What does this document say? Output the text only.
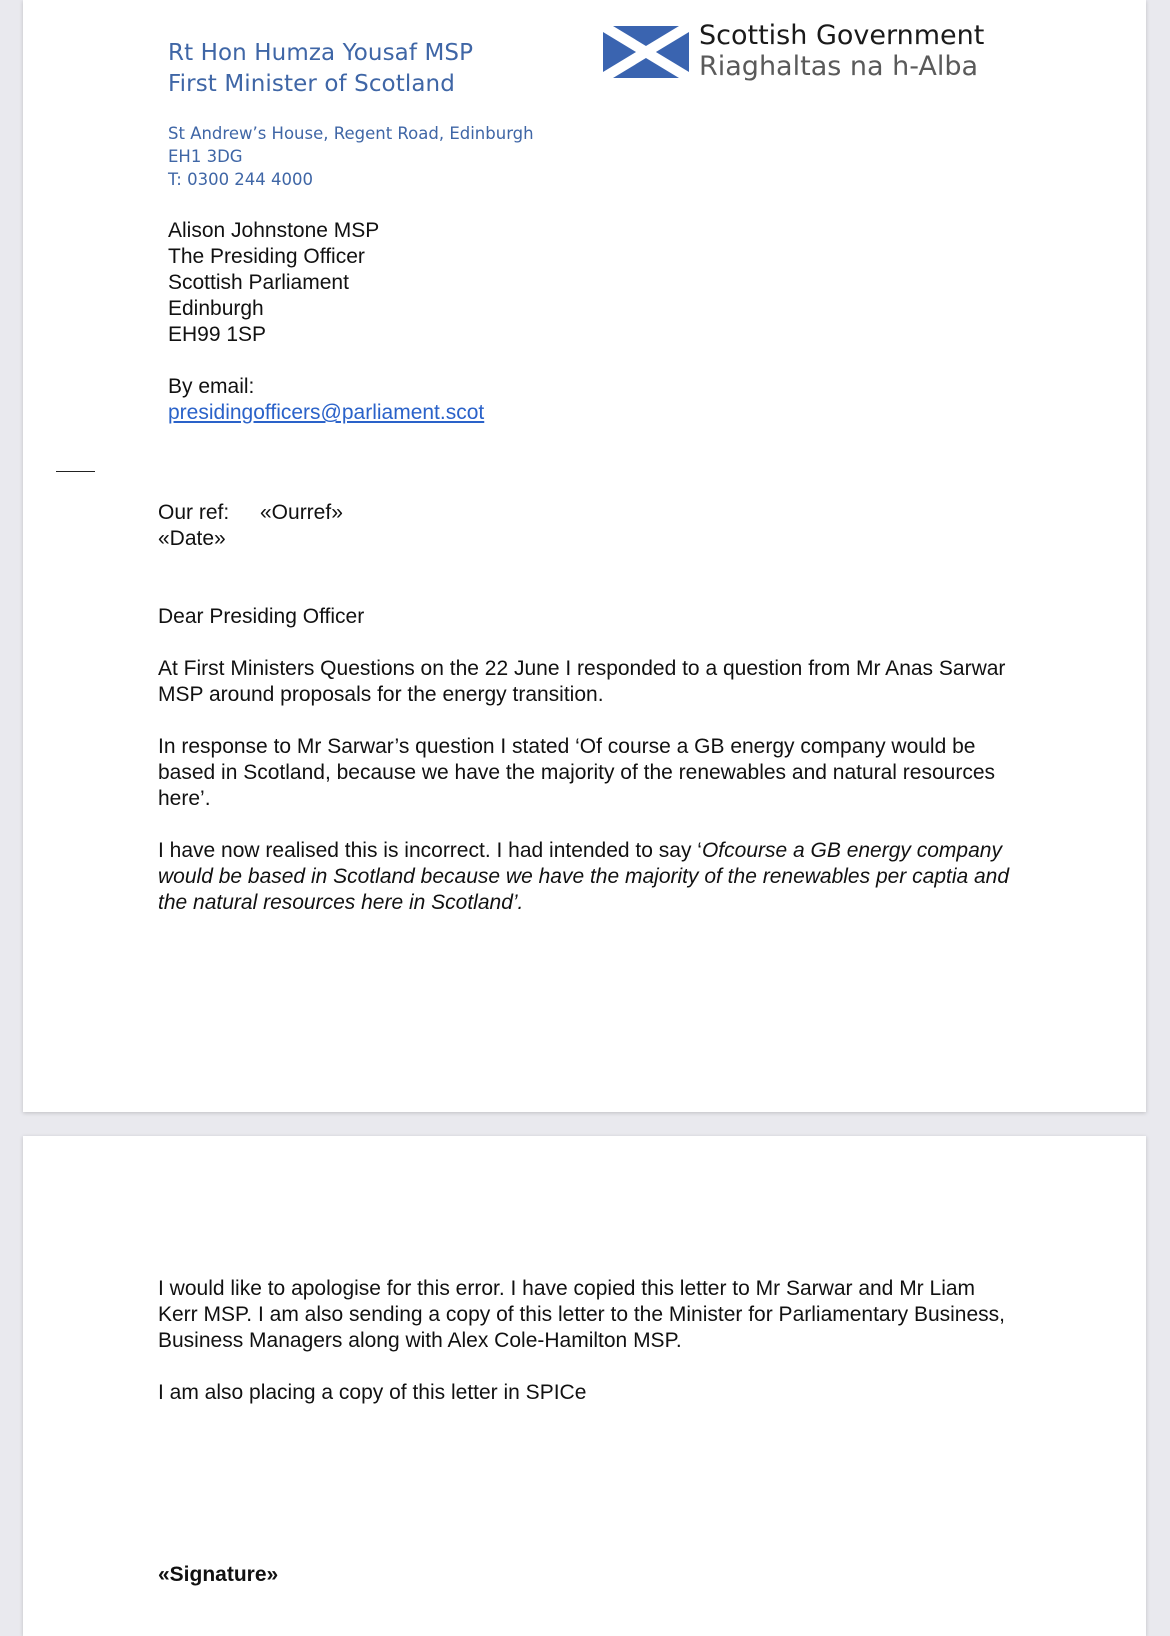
Rt Hon Humza Yousaf MSP
First Minister of Scotland
St Andrew’s House, Regent Road, Edinburgh
EH1 3DG
T: 0300 244 4000
Scottish Government
Riaghaltas na h-Alba
Alison Johnstone MSP
The Presiding Officer
Scottish Parliament
Edinburgh
EH99 1SP
By email:
presidingofficers@parliament.scot
Our ref: «Ourref»
«Date»
Dear Presiding Officer

At First Ministers Questions on the 22 June I responded to a question from Mr Anas Sarwar MSP around proposals for the energy transition.

In response to Mr Sarwar’s question I stated ‘Of course a GB energy company would be based in Scotland, because we have the majority of the renewables and natural resources here’.

I have now realised this is incorrect. I had intended to say ‘Ofcourse a GB energy company would be based in Scotland because we have the majority of the renewables per captia and the natural resources here in Scotland’.

I would like to apologise for this error. I have copied this letter to Mr Sarwar and Mr Liam Kerr MSP. I am also sending a copy of this letter to the Minister for Parliamentary Business, Business Managers along with Alex Cole-Hamilton MSP.

I am also placing a copy of this letter in SPICe

«Signature»
